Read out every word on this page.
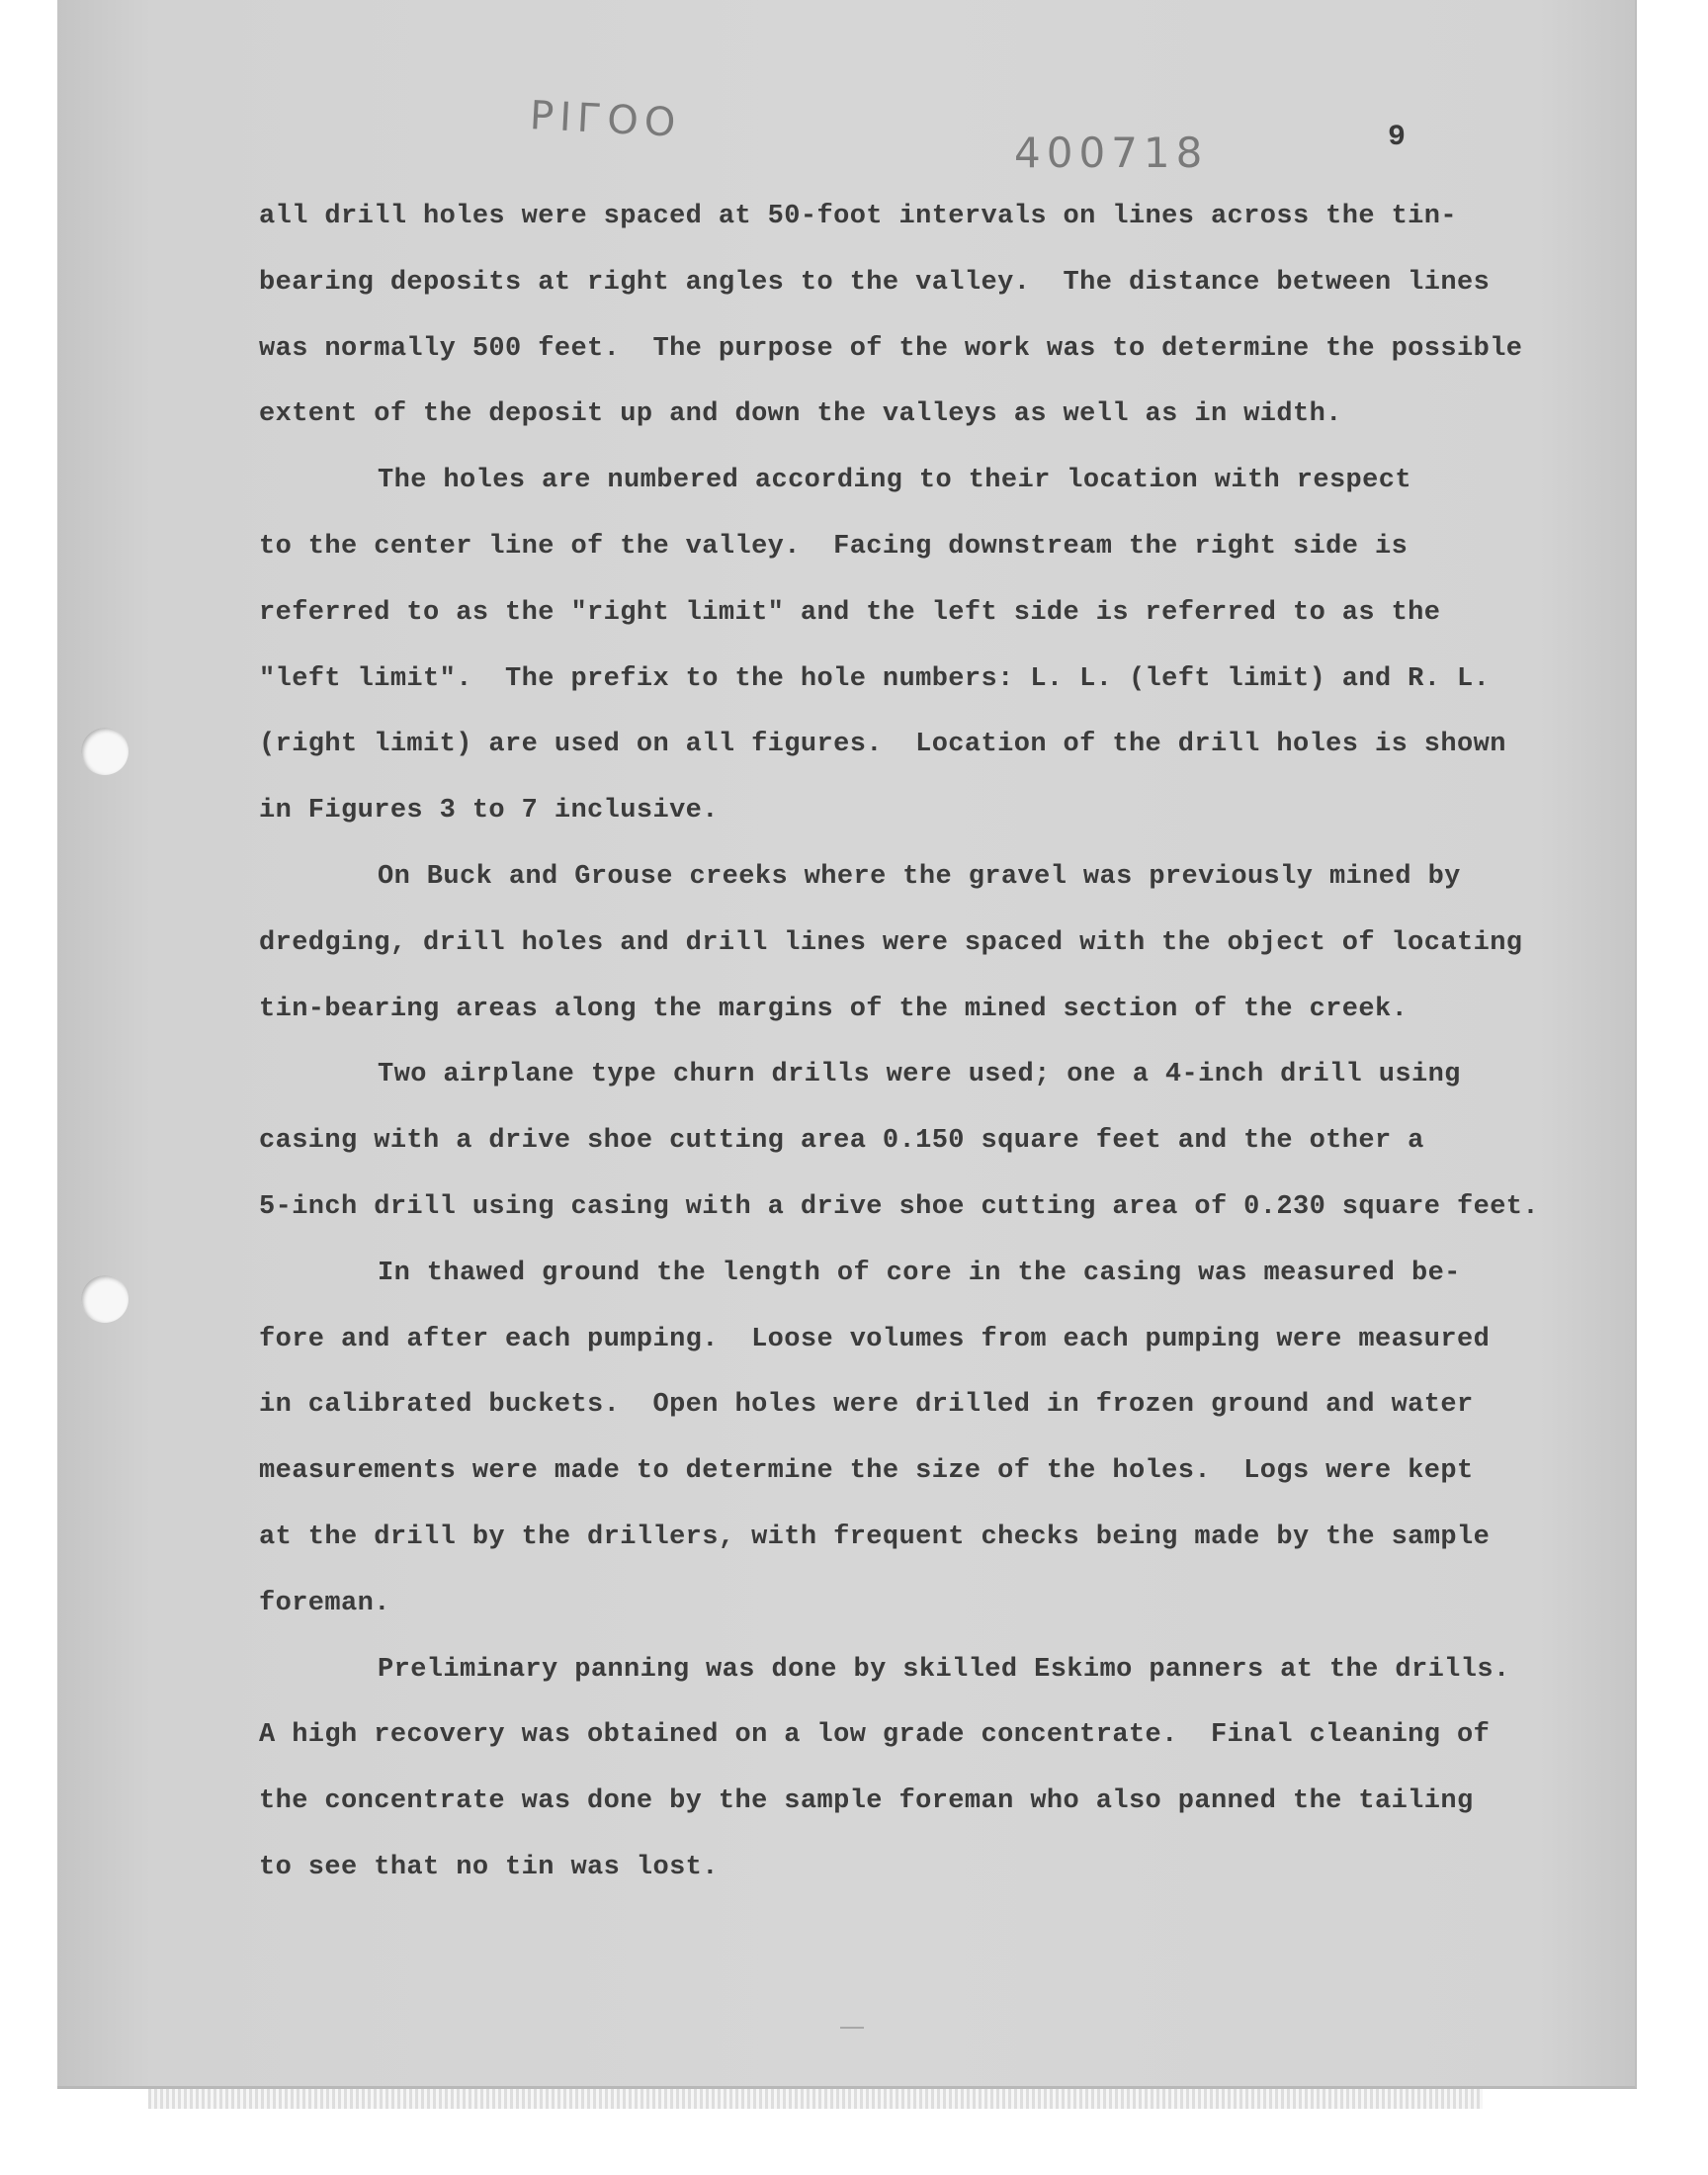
PIГОО
400718	9
all drill holes were spaced at 50-foot intervals on lines across the tin-
bearing deposits at right angles to the valley.  The distance between lines
was normally 500 feet.  The purpose of the work was to determine the possible
extent of the deposit up and down the valleys as well as in width.
The holes are numbered according to their location with respect
to the center line of the valley.  Facing downstream the right side is
referred to as the "right limit" and the left side is referred to as the
"left limit".  The prefix to the hole numbers: L. L. (left limit) and R. L.
(right limit) are used on all figures.  Location of the drill holes is shown
in Figures 3 to 7 inclusive.
On Buck and Grouse creeks where the gravel was previously mined by
dredging, drill holes and drill lines were spaced with the object of locating
tin-bearing areas along the margins of the mined section of the creek.
Two airplane type churn drills were used; one a 4-inch drill using
casing with a drive shoe cutting area 0.150 square feet and the other a
5-inch drill using casing with a drive shoe cutting area of 0.230 square feet.
In thawed ground the length of core in the casing was measured be-
fore and after each pumping.  Loose volumes from each pumping were measured
in calibrated buckets.  Open holes were drilled in frozen ground and water
measurements were made to determine the size of the holes.  Logs were kept
at the drill by the drillers, with frequent checks being made by the sample
foreman.
Preliminary panning was done by skilled Eskimo panners at the drills.
A high recovery was obtained on a low grade concentrate.  Final cleaning of
the concentrate was done by the sample foreman who also panned the tailing
to see that no tin was lost.
